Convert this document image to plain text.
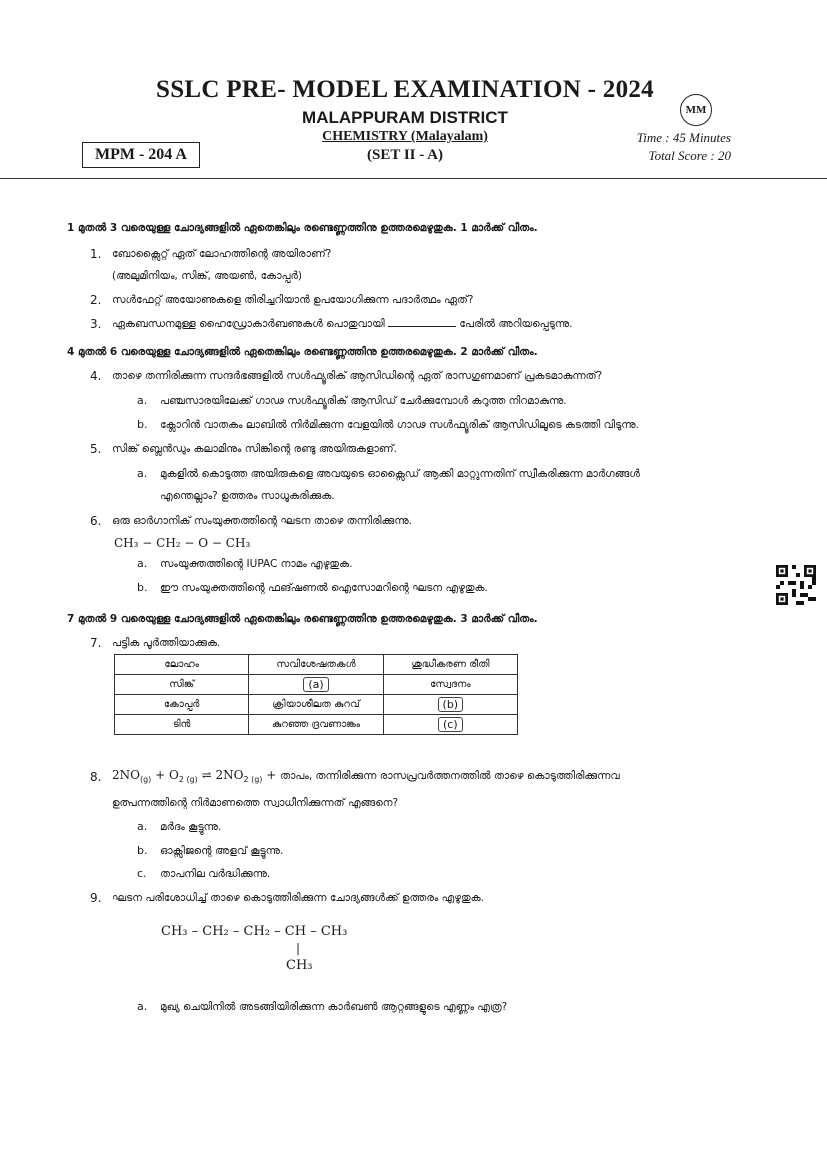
SSLC PRE- MODEL EXAMINATION - 2024
MM
MALAPPURAM DISTRICT
CHEMISTRY (Malayalam)
(SET II - A)
MPM - 204 A
Time : 45 Minutes
Total Score : 20
1 മുതൽ 3 വരെയുള്ള ചോദ്യങ്ങളിൽ ഏതെങ്കിലും രണ്ടെണ്ണത്തിനു ഉത്തരമെഴുതുക. 1 മാർക്ക് വീതം.
1. ബോക്സൈറ്റ് ഏത് ലോഹത്തിന്റെ അയിരാണ്?
(അലുമിനിയം, സിങ്ക്, അയൺ, കോപ്പർ)
2. സൾഫേറ്റ് അയോണുകളെ തിരിച്ചറിയാൻ ഉപയോഗിക്കുന്ന പദാർത്ഥം ഏത്?
3. ഏകബന്ധനമുള്ള ഹൈഡ്രോകാർബണുകൾ പൊതുവായി	പേരിൽ അറിയപ്പെടുന്നു.
4 മുതൽ 6 വരെയുള്ള ചോദ്യങ്ങളിൽ ഏതെങ്കിലും രണ്ടെണ്ണത്തിനു ഉത്തരമെഴുതുക. 2 മാർക്ക് വീതം.
4. താഴെ തന്നിരിക്കുന്ന സന്ദർഭങ്ങളിൽ സൾഫ്യൂരിക് ആസിഡിന്റെ ഏത് രാസഗുണമാണ് പ്രകടമാകുന്നത്?
a. പഞ്ചസാരയിലേക്ക് ഗാഢ സൾഫ്യൂരിക് ആസിഡ് ചേർക്കുമ്പോൾ കറുത്ത നിറമാകുന്നു.
b. ക്ലോറിൻ വാതകം ലാബിൽ നിർമിക്കുന്ന വേളയിൽ ഗാഢ സൾഫ്യൂരിക് ആസിഡിലൂടെ കടത്തി വിടുന്നു.
5. സിങ്ക് ബ്ലെൻഡും കലാമിനും സിങ്കിന്റെ രണ്ടു അയിരുകളാണ്.
a. മുകളിൽ കൊടുത്ത അയിരുകളെ അവയുടെ ഓക്സൈഡ് ആക്കി മാറ്റുന്നതിന് സ്വീകരിക്കുന്ന മാർഗങ്ങൾ
എന്തെല്ലാം? ഉത്തരം സാധൂകരിക്കുക.
6. ഒരു ഓർഗാനിക് സംയുക്തത്തിന്റെ ഘടന താഴെ തന്നിരിക്കുന്നു.
CH₃ − CH₂ − O − CH₃
a. സംയുക്തത്തിന്റെ IUPAC നാമം എഴുതുക.
b. ഈ സംയുക്തത്തിന്റെ ഫങ്ഷണൽ ഐസോമറിന്റെ ഘടന എഴുതുക.
7 മുതൽ 9 വരെയുള്ള ചോദ്യങ്ങളിൽ ഏതെങ്കിലും രണ്ടെണ്ണത്തിനു ഉത്തരമെഴുതുക. 3 മാർക്ക് വീതം.
7. പട്ടിക പൂർത്തിയാക്കുക.
ലോഹം	സവിശേഷതകൾ	ശുദ്ധീകരണ രീതി
സിങ്ക്	(a)	സ്വേദനം
കോപ്പർ	ക്രിയാശീലത കുറവ്	(b)
ടിൻ	കുറഞ്ഞ ദ്രവണാങ്കം	(c)
8. $2NO_{(g)} + O_{2 (g)}$ ⇌ $2NO_{2 (g)}$ + താപം, തന്നിരിക്കുന്ന രാസപ്രവർത്തനത്തിൽ താഴെ കൊടുത്തിരിക്കുന്നവ
ഉത്പന്നത്തിന്റെ നിർമാണത്തെ സ്വാധീനിക്കുന്നത് എങ്ങനെ?
a. മർദം കൂട്ടുന്നു.
b. ഓക്സിജന്റെ അളവ് കൂട്ടുന്നു.
c. താപനില വർദ്ധിക്കുന്നു.
9. ഘടന പരിശോധിച്ച് താഴെ കൊടുത്തിരിക്കുന്ന ചോദ്യങ്ങൾക്ക് ഉത്തരം എഴുതുക.
CH₃ – CH₂ – CH₂ – CH – CH₃
|
CH₃
a. മുഖ്യ ചെയിനിൽ അടങ്ങിയിരിക്കുന്ന കാർബൺ ആറ്റങ്ങളുടെ എണ്ണം എത്ര?
